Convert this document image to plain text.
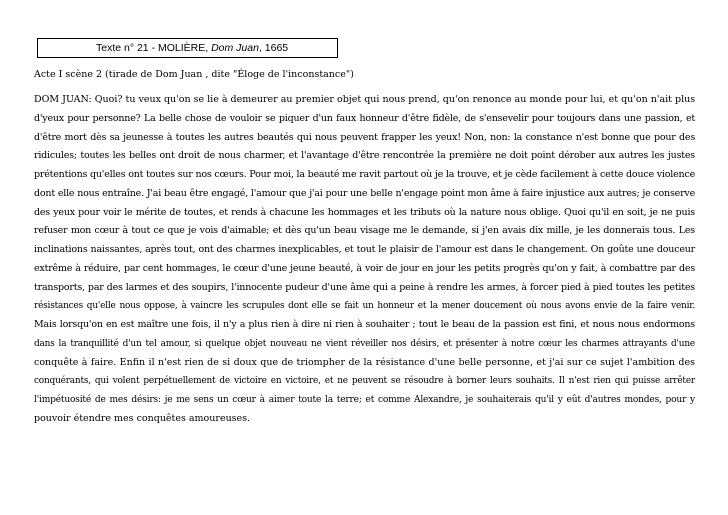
Texte n° 21 - MOLIÈRE, Dom Juan, 1665
Acte I scène 2 (tirade de Dom Juan , dite "Éloge de l'inconstance")
DOM JUAN: Quoi? tu veux qu'on se lie à demeurer au premier objet qui nous prend, qu'on renonce au monde pour lui, et qu'on n'ait plus
d'yeux pour personne? La belle chose de vouloir se piquer d'un faux honneur d'être fidèle, de s'ensevelir pour toujours dans une passion, et
d'être mort dès sa jeunesse à toutes les autres beautés qui nous peuvent frapper les yeux! Non, non: la constance n'est bonne que pour des
ridicules; toutes les belles ont droit de nous charmer, et l'avantage d'être rencontrée la première ne doit point dérober aux autres les justes
prétentions qu'elles ont toutes sur nos cœurs. Pour moi, la beauté me ravit partout où je la trouve, et je cède facilement à cette douce violence
dont elle nous entraîne. J'ai beau être engagé, l'amour que j'ai pour une belle n'engage point mon âme à faire injustice aux autres; je conserve
des yeux pour voir le mérite de toutes, et rends à chacune les hommages et les tributs où la nature nous oblige. Quoi qu'il en soit, je ne puis
refuser mon cœur à tout ce que je vois d'aimable; et dès qu'un beau visage me le demande, si j'en avais dix mille, je les donnerais tous. Les
inclinations naissantes, après tout, ont des charmes inexplicables, et tout le plaisir de l'amour est dans le changement. On goûte une douceur
extrême à réduire, par cent hommages, le cœur d'une jeune beauté, à voir de jour en jour les petits progrès qu'on y fait, à combattre par des
transports, par des larmes et des soupirs, l'innocente pudeur d'une âme qui a peine à rendre les armes, à forcer pied à pied toutes les petites
résistances qu'elle nous oppose, à vaincre les scrupules dont elle se fait un honneur et la mener doucement où nous avons envie de la faire venir.
Mais lorsqu'on en est maître une fois, il n'y a plus rien à dire ni rien à souhaiter ; tout le beau de la passion est fini, et nous nous endormons
dans la tranquillité d'un tel amour, si quelque objet nouveau ne vient réveiller nos désirs, et présenter à notre cœur les charmes attrayants d'une
conquête à faire. Enfin il n'est rien de si doux que de triompher de la résistance d'une belle personne, et j'ai sur ce sujet l'ambition des
conquérants, qui volent perpétuellement de victoire en victoire, et ne peuvent se résoudre à borner leurs souhaits. Il n'est rien qui puisse arrêter
l'impétuosité de mes désirs: je me sens un cœur à aimer toute la terre; et comme Alexandre, je souhaiterais qu'il y eût d'autres mondes, pour y
pouvoir étendre mes conquêtes amoureuses.
